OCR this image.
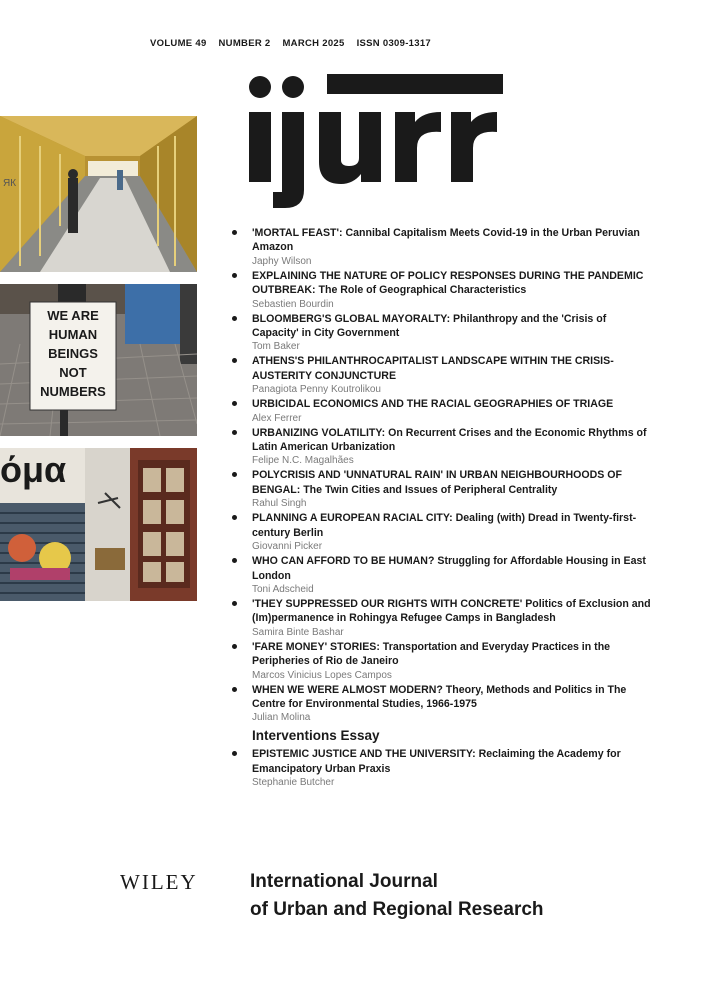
VOLUME 49 NUMBER 2 MARCH 2025 ISSN 0309-1317
ЯК
WE ARE
HUMAN
BEINGS
NOT
NUMBERS
όμα
'MORTAL FEAST': Cannibal Capitalism Meets Covid-19 in the Urban Peruvian Amazon
Japhy Wilson
EXPLAINING THE NATURE OF POLICY RESPONSES DURING THE PANDEMIC OUTBREAK: The Role of Geographical Characteristics
Sebastien Bourdin
BLOOMBERG'S GLOBAL MAYORALTY: Philanthropy and the 'Crisis of Capacity' in City Government
Tom Baker
ATHENS'S PHILANTHROCAPITALIST LANDSCAPE WITHIN THE CRISIS-AUSTERITY CONJUNCTURE
Panagiota Penny Koutrolikou
URBICIDAL ECONOMICS AND THE RACIAL GEOGRAPHIES OF TRIAGE
Alex Ferrer
URBANIZING VOLATILITY: On Recurrent Crises and the Economic Rhythms of Latin American Urbanization
Felipe N.C. Magalhães
POLYCRISIS AND 'UNNATURAL RAIN' IN URBAN NEIGHBOURHOODS OF BENGAL: The Twin Cities and Issues of Peripheral Centrality
Rahul Singh
PLANNING A EUROPEAN RACIAL CITY: Dealing (with) Dread in Twenty-first-century Berlin
Giovanni Picker
WHO CAN AFFORD TO BE HUMAN? Struggling for Affordable Housing in East London
Toni Adscheid
'THEY SUPPRESSED OUR RIGHTS WITH CONCRETE' Politics of Exclusion and (Im)permanence in Rohingya Refugee Camps in Bangladesh
Samira Binte Bashar
'FARE MONEY' STORIES: Transportation and Everyday Practices in the Peripheries of Rio de Janeiro
Marcos Vinicius Lopes Campos
WHEN WE WERE ALMOST MODERN? Theory, Methods and Politics in The Centre for Environmental Studies, 1966-1975
Julian Molina
Interventions Essay
EPISTEMIC JUSTICE AND THE UNIVERSITY: Reclaiming the Academy for Emancipatory Urban Praxis
Stephanie Butcher
WILEY	International Journal
of Urban and Regional Research
